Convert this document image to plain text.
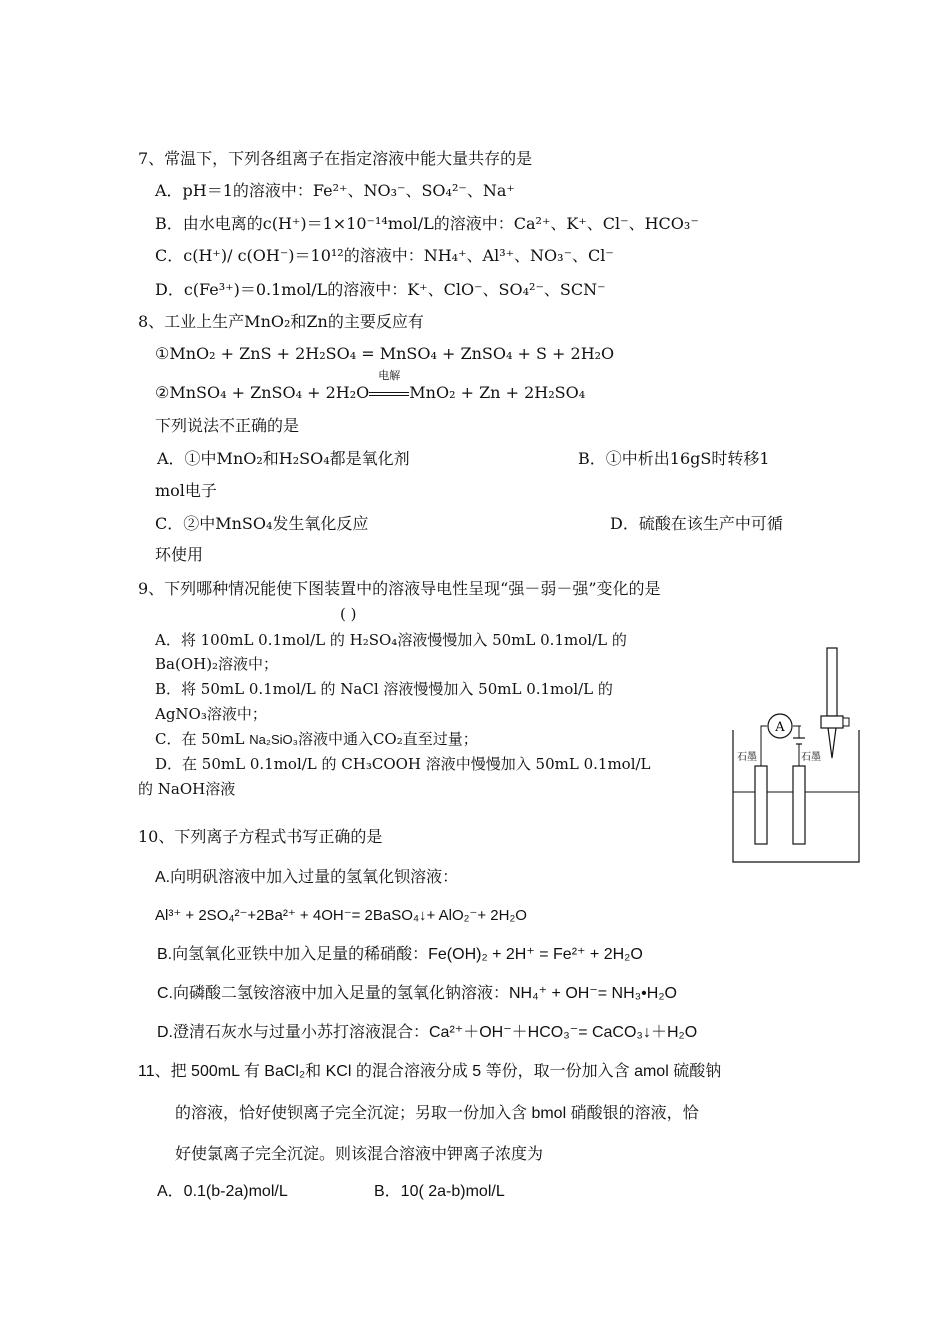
7、常温下，下列各组离子在指定溶液中能大量共存的是
A．pH＝1的溶液中：Fe²⁺、NO₃⁻、SO₄²⁻、Na⁺
B．由水电离的c(H⁺)＝1×10⁻¹⁴mol/L的溶液中：Ca²⁺、K⁺、Cl⁻、HCO₃⁻
C．c(H⁺)/ c(OH⁻)＝10¹²的溶液中：NH₄⁺、Al³⁺、NO₃⁻、Cl⁻
D．c(Fe³⁺)＝0.1mol/L的溶液中：K⁺、ClO⁻、SO₄²⁻、SCN⁻
8、工业上生产MnO₂和Zn的主要反应有
①MnO₂ + ZnS + 2H₂SO₄ = MnSO₄ + ZnSO₄ + S + 2H₂O
②MnSO₄ + ZnSO₄ + 2H₂O
电解
MnO₂ + Zn + 2H₂SO₄
下列说法不正确的是
A．①中MnO₂和H₂SO₄都是氧化剂	B．①中析出16gS时转移1
mol电子
C．②中MnSO₄发生氧化反应	D．硫酸在该生产中可循
环使用
9、下列哪种情况能使下图装置中的溶液导电性呈现“强－弱－强”变化的是
( )
A．将 100mL 0.1mol/L 的 H₂SO₄溶液慢慢加入 50mL 0.1mol/L 的
Ba(OH)₂溶液中；
B．将 50mL 0.1mol/L 的 NaCl 溶液慢慢加入 50mL 0.1mol/L 的
AgNO₃溶液中；
C．在 50mL Na₂SiO₃溶液中通入CO₂直至过量；
D．在 50mL 0.1mol/L 的 CH₃COOH 溶液中慢慢加入 50mL 0.1mol/L
的 NaOH溶液
A
石墨	石墨
10、下列离子方程式书写正确的是
A.向明矾溶液中加入过量的氢氧化钡溶液：
Al³⁺ + 2SO₄²⁻+2Ba²⁺ + 4OH⁻= 2BaSO₄↓+ AlO₂⁻+ 2H₂O
B.向氢氧化亚铁中加入足量的稀硝酸：Fe(OH)₂ + 2H⁺ = Fe²⁺ + 2H₂O
C.向磷酸二氢铵溶液中加入足量的氢氧化钠溶液：NH₄⁺ + OH⁻= NH₃•H₂O
D.澄清石灰水与过量小苏打溶液混合：Ca²⁺＋OH⁻＋HCO₃⁻= CaCO₃↓＋H₂O
11、把 500mL 有 BaCl₂和 KCl 的混合溶液分成 5 等份，取一份加入含 amol 硫酸钠
的溶液，恰好使钡离子完全沉淀；另取一份加入含 bmol 硝酸银的溶液，恰
好使氯离子完全沉淀。则该混合溶液中钾离子浓度为
A．0.1(b-2a)mol/L	B．10( 2a-b)mol/L
